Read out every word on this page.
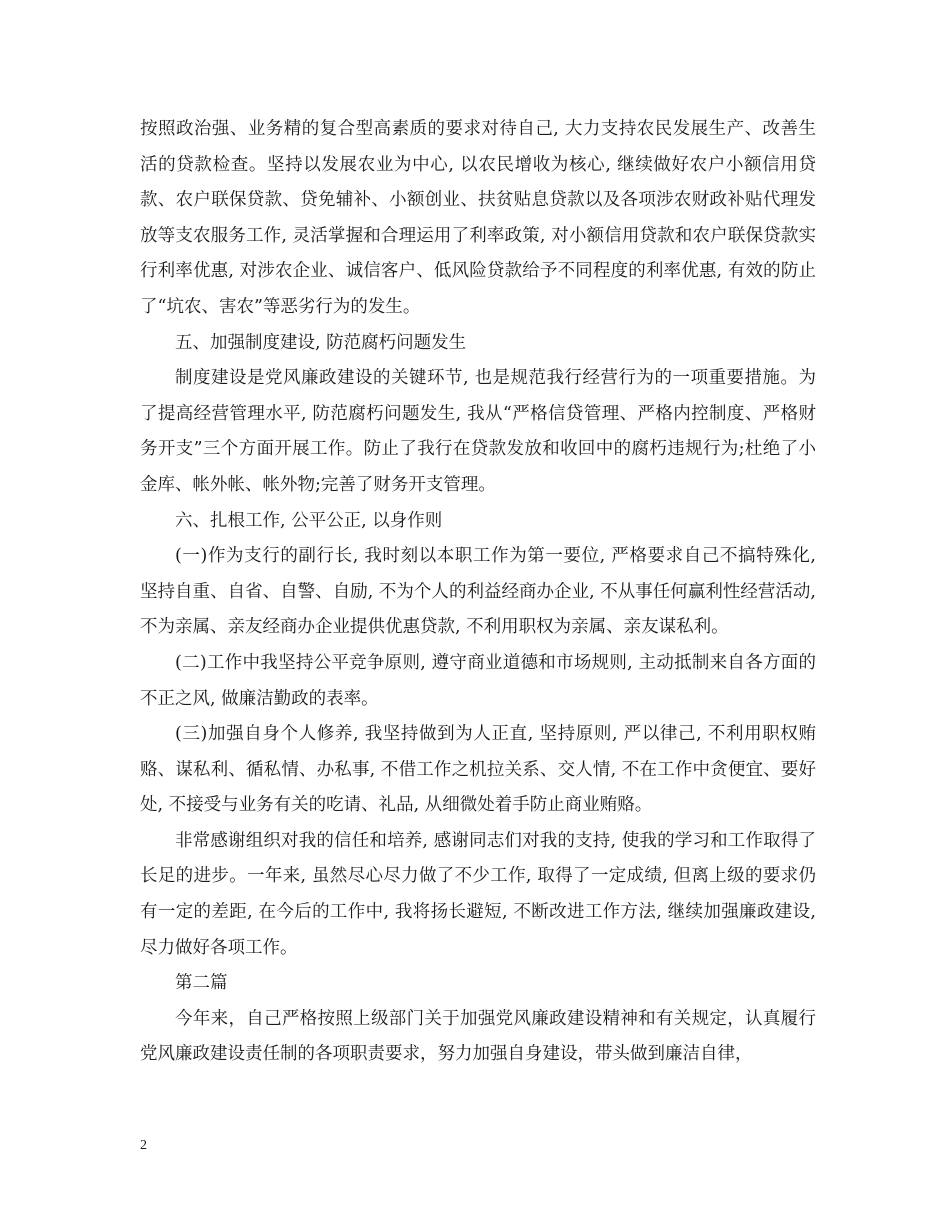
按照政治强、业务精的复合型高素质的要求对待自己, 大力支持农民发展生产、改善生活的贷款检查。坚持以发展农业为中心, 以农民增收为核心, 继续做好农户小额信用贷款、农户联保贷款、贷免辅补、小额创业、扶贫贴息贷款以及各项涉农财政补贴代理发放等支农服务工作, 灵活掌握和合理运用了利率政策, 对小额信用贷款和农户联保贷款实行利率优惠, 对涉农企业、诚信客户、低风险贷款给予不同程度的利率优惠, 有效的防止了“坑农、害农”等恶劣行为的发生。

五、加强制度建设, 防范腐朽问题发生

制度建设是党风廉政建设的关键环节, 也是规范我行经营行为的一项重要措施。为了提高经营管理水平, 防范腐朽问题发生, 我从“严格信贷管理、严格内控制度、严格财务开支”三个方面开展工作。防止了我行在贷款发放和收回中的腐朽违规行为;杜绝了小金库、帐外帐、帐外物;完善了财务开支管理。

六、扎根工作, 公平公正, 以身作则

(一)作为支行的副行长, 我时刻以本职工作为第一要位, 严格要求自己不搞特殊化, 坚持自重、自省、自警、自励, 不为个人的利益经商办企业, 不从事任何赢利性经营活动, 不为亲属、亲友经商办企业提供优惠贷款, 不利用职权为亲属、亲友谋私利。

(二)工作中我坚持公平竞争原则, 遵守商业道德和市场规则, 主动抵制来自各方面的不正之风, 做廉洁勤政的表率。

(三)加强自身个人修养, 我坚持做到为人正直, 坚持原则, 严以律己, 不利用职权贿赂、谋私利、循私情、办私事, 不借工作之机拉关系、交人情, 不在工作中贪便宜、要好处, 不接受与业务有关的吃请、礼品, 从细微处着手防止商业贿赂。

非常感谢组织对我的信任和培养, 感谢同志们对我的支持, 使我的学习和工作取得了长足的进步。一年来, 虽然尽心尽力做了不少工作, 取得了一定成绩, 但离上级的要求仍有一定的差距, 在今后的工作中, 我将扬长避短, 不断改进工作方法, 继续加强廉政建设, 尽力做好各项工作。

第二篇

今年来，自己严格按照上级部门关于加强党风廉政建设精神和有关规定，认真履行党风廉政建设责任制的各项职责要求，努力加强自身建设，带头做到廉洁自律，

2
